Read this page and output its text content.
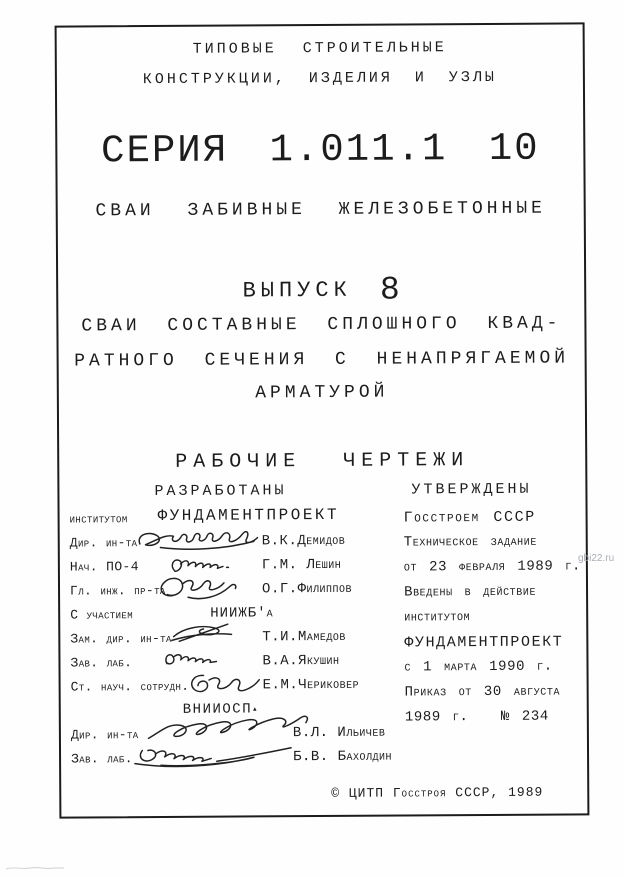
ТИПОВЫЕ СТРОИТЕЛЬНЫЕ
КОНСТРУКЦИИ, ИЗДЕЛИЯ И УЗЛЫ
СЕРИЯ 1.011.1 10
СВАИ ЗАБИВНЫЕ ЖЕЛЕЗОБЕТОННЫЕ
ВЫПУСК 8
СВАИ СОСТАВНЫЕ СПЛОШНОГО КВАД-
РАТНОГО СЕЧЕНИЯ С НЕНАПРЯГАЕМОЙ
АРМАТУРОЙ
РАБОЧИЕ ЧЕРТЕЖИ
РАЗРАБОТАНЫ	УТВЕРЖДЕНЫ
институтом ФУНДАМЕНТПРОЕКТ
Дир. ин-та	В.К.Демидов
Нач. ПО-4	Г.М. Лешин
Гл. инж. пр-та	О.Г.Филиппов
С участием	НИИЖБ'а
Зам. дир. ин-та	Т.И.Мамедов
Зав. лаб.	В.А.Якушин
Ст. науч. сотрудн.	Е.М.Чериковер
ВНИИОСП▴
Дир. ин-та	В.Л. Ильичев
Зав. лаб.	Б.В. Бахолдин
Госстроем СССР
Техническое задание
от 23 февраля 1989 г.
Введены в действие
институтом
ФУНДАМЕНТПРОЕКТ
с 1 марта 1990 г.
Приказ от 30 августа
1989 г. № 234
© ЦИТП Госстроя СССР, 1989
gbi22.ru
